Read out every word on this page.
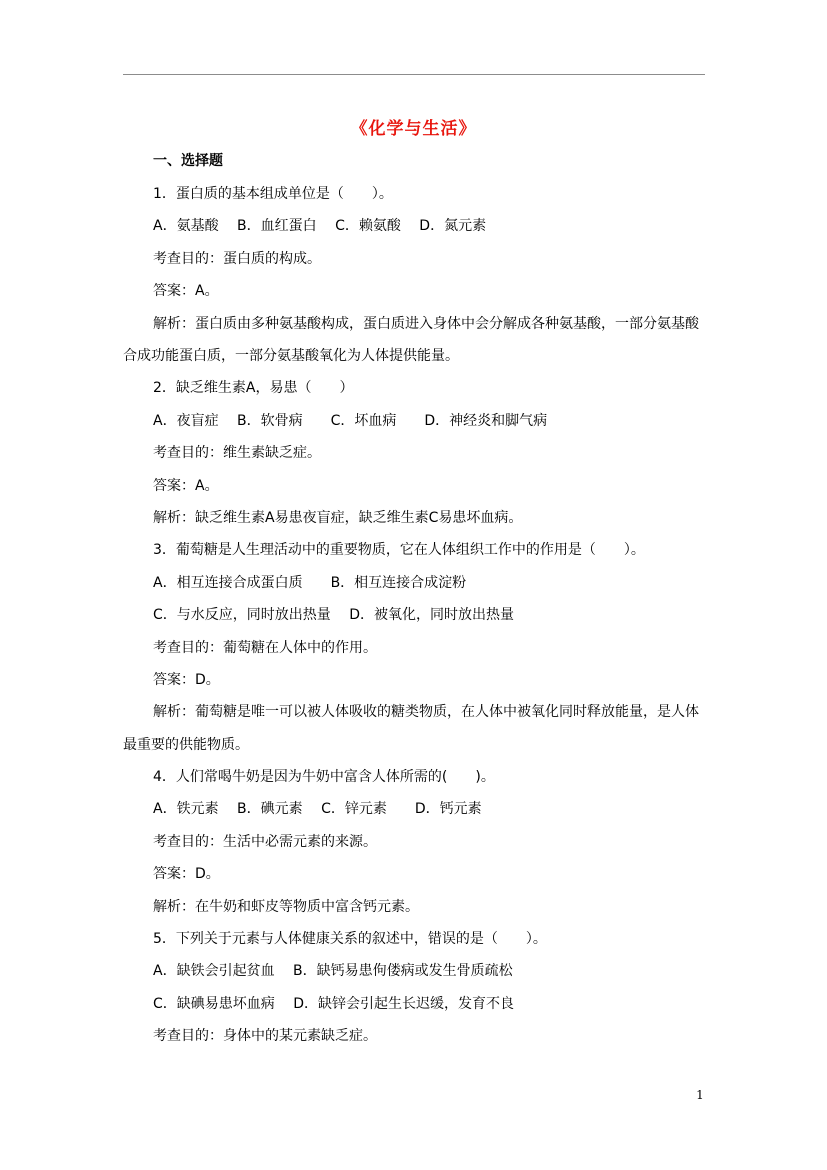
《化学与生活》
一、选择题
1．蛋白质的基本组成单位是（　　）。
A．氨基酸　 B．血红蛋白　 C．赖氨酸　 D．氮元素
考查目的：蛋白质的构成。
答案：A。
解析：蛋白质由多种氨基酸构成，蛋白质进入身体中会分解成各种氨基酸，一部分氨基酸合成功能蛋白质，一部分氨基酸氧化为人体提供能量。
2．缺乏维生素A，易患（　　）
A．夜盲症　 B．软骨病　　C．坏血病　　D．神经炎和脚气病
考查目的：维生素缺乏症。
答案：A。
解析：缺乏维生素A易患夜盲症，缺乏维生素C易患坏血病。
3．葡萄糖是人生理活动中的重要物质，它在人体组织工作中的作用是（　　）。
A．相互连接合成蛋白质　　B．相互连接合成淀粉
C．与水反应，同时放出热量　 D．被氧化，同时放出热量
考查目的：葡萄糖在人体中的作用。
答案：D。
解析：葡萄糖是唯一可以被人体吸收的糖类物质，在人体中被氧化同时释放能量，是人体最重要的供能物质。
4．人们常喝牛奶是因为牛奶中富含人体所需的(　　)。
A．铁元素　 B．碘元素　 C．锌元素　　D．钙元素
考查目的：生活中必需元素的来源。
答案：D。
解析：在牛奶和虾皮等物质中富含钙元素。
5．下列关于元素与人体健康关系的叙述中，错误的是（　　）。
A．缺铁会引起贫血　 B．缺钙易患佝偻病或发生骨质疏松
C．缺碘易患坏血病　 D．缺锌会引起生长迟缓，发育不良
考查目的：身体中的某元素缺乏症。
1
